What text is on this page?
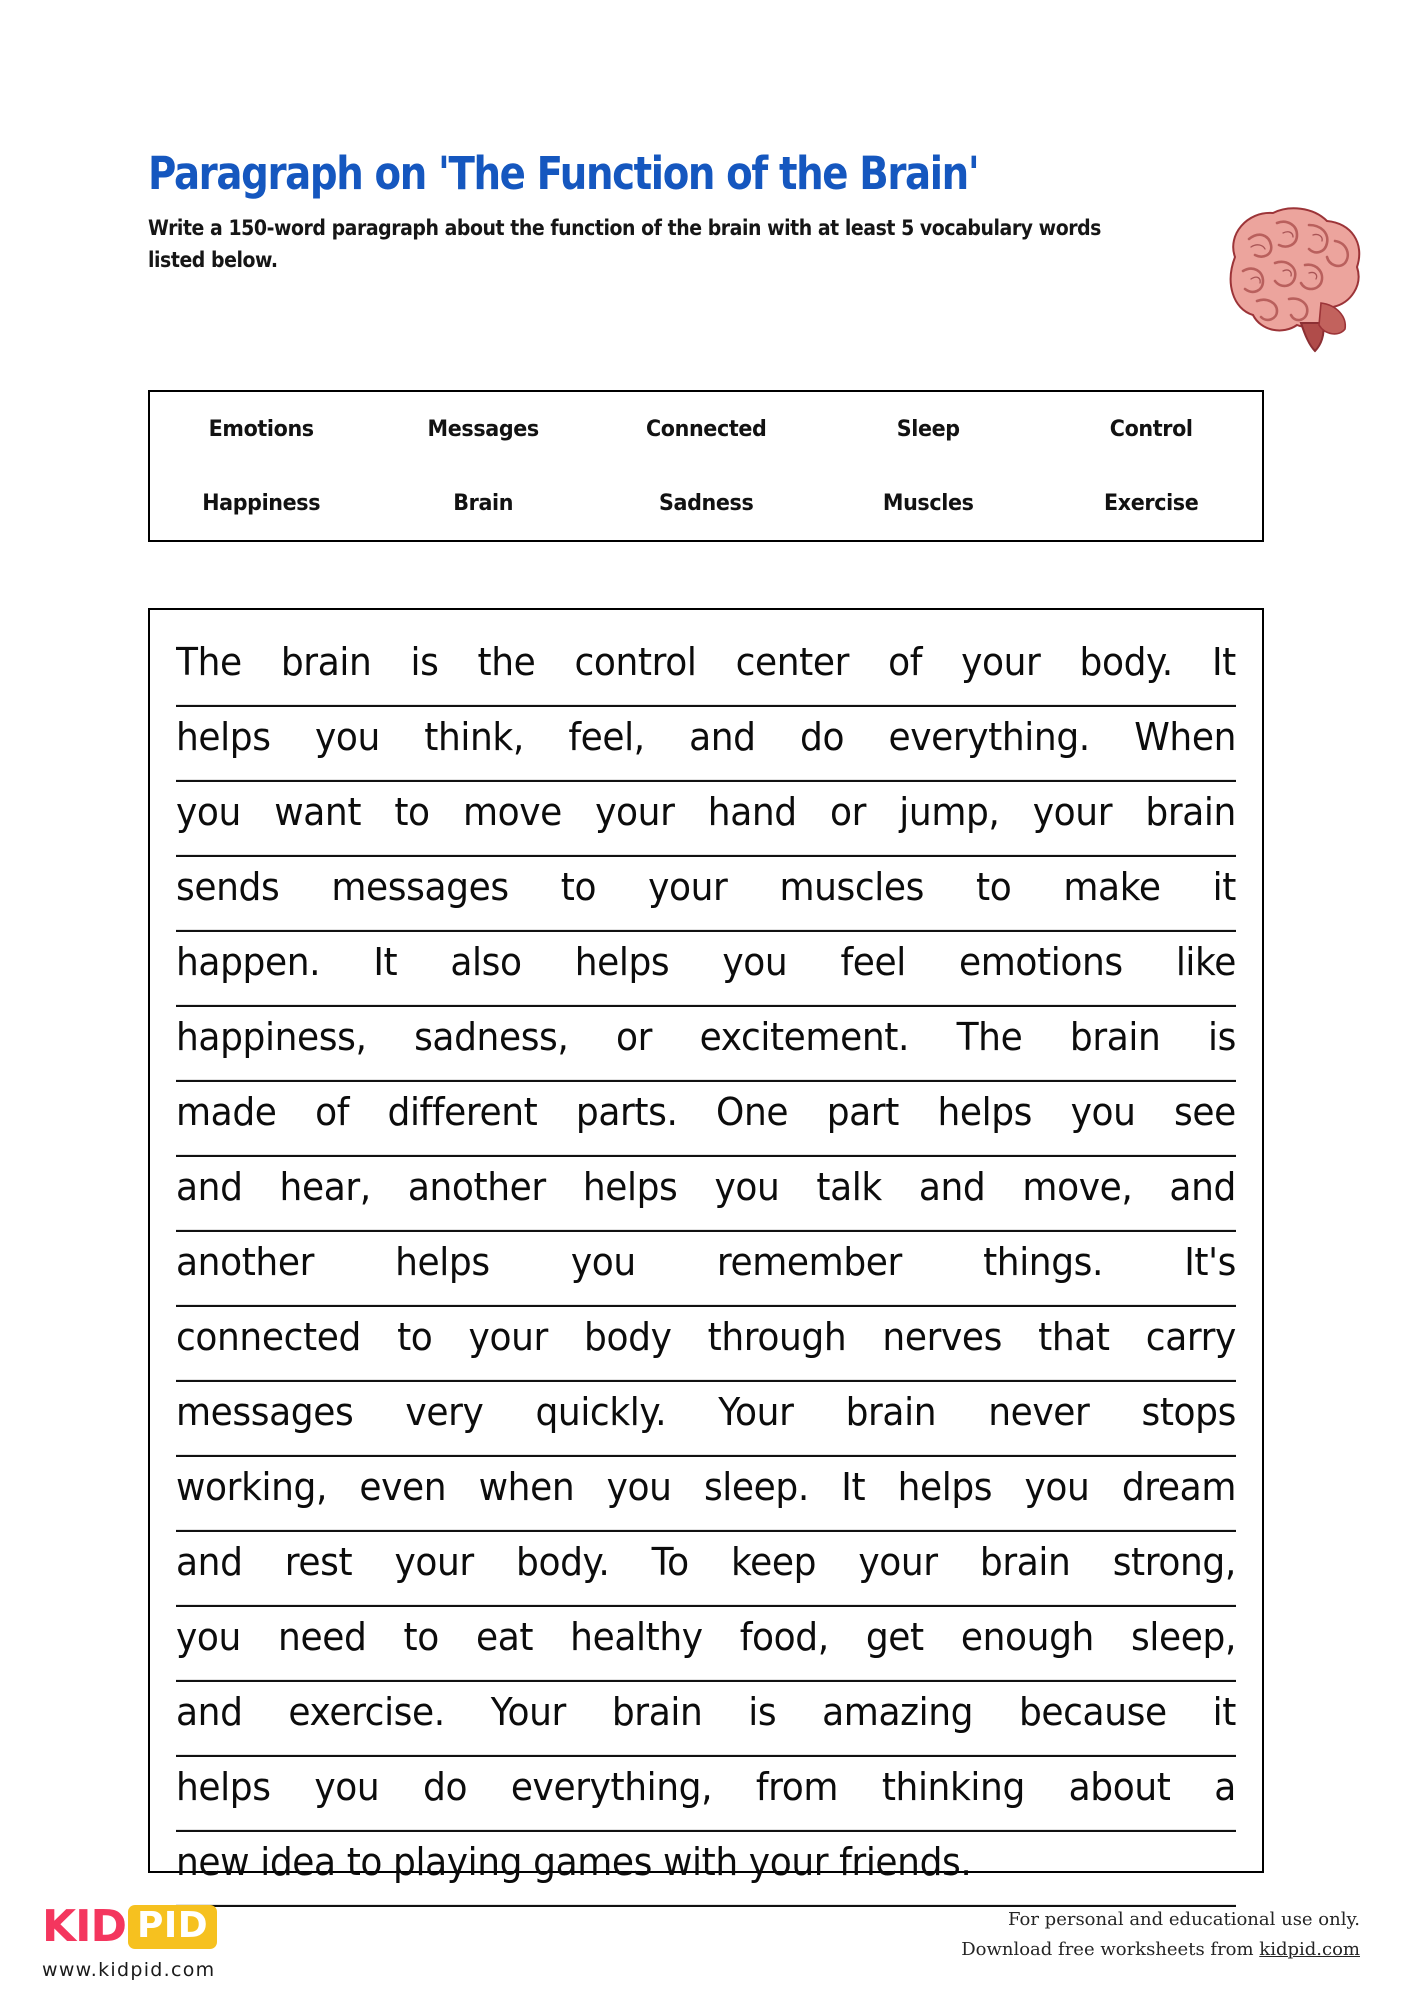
Paragraph on 'The Function of the Brain'

Write a 150-word paragraph about the function of the brain with at least 5 vocabulary words listed below.

Emotions	Messages	Connected	Sleep	Control
Happiness	Brain	Sadness	Muscles	Exercise
The brain is the control center of your body. It
helps you think, feel, and do everything. When
you want to move your hand or jump, your brain
sends messages to your muscles to make it
happen. It also helps you feel emotions like
happiness, sadness, or excitement. The brain is
made of different parts. One part helps you see
and hear, another helps you talk and move, and
another helps you remember things. It's
connected to your body through nerves that carry
messages very quickly. Your brain never stops
working, even when you sleep. It helps you dream
and rest your body. To keep your brain strong,
you need to eat healthy food, get enough sleep,
and exercise. Your brain is amazing because it
helps you do everything, from thinking about a
new idea to playing games with your friends.
KID PID
www.kidpid.com
For personal and educational use only.
Download free worksheets from kidpid.com
